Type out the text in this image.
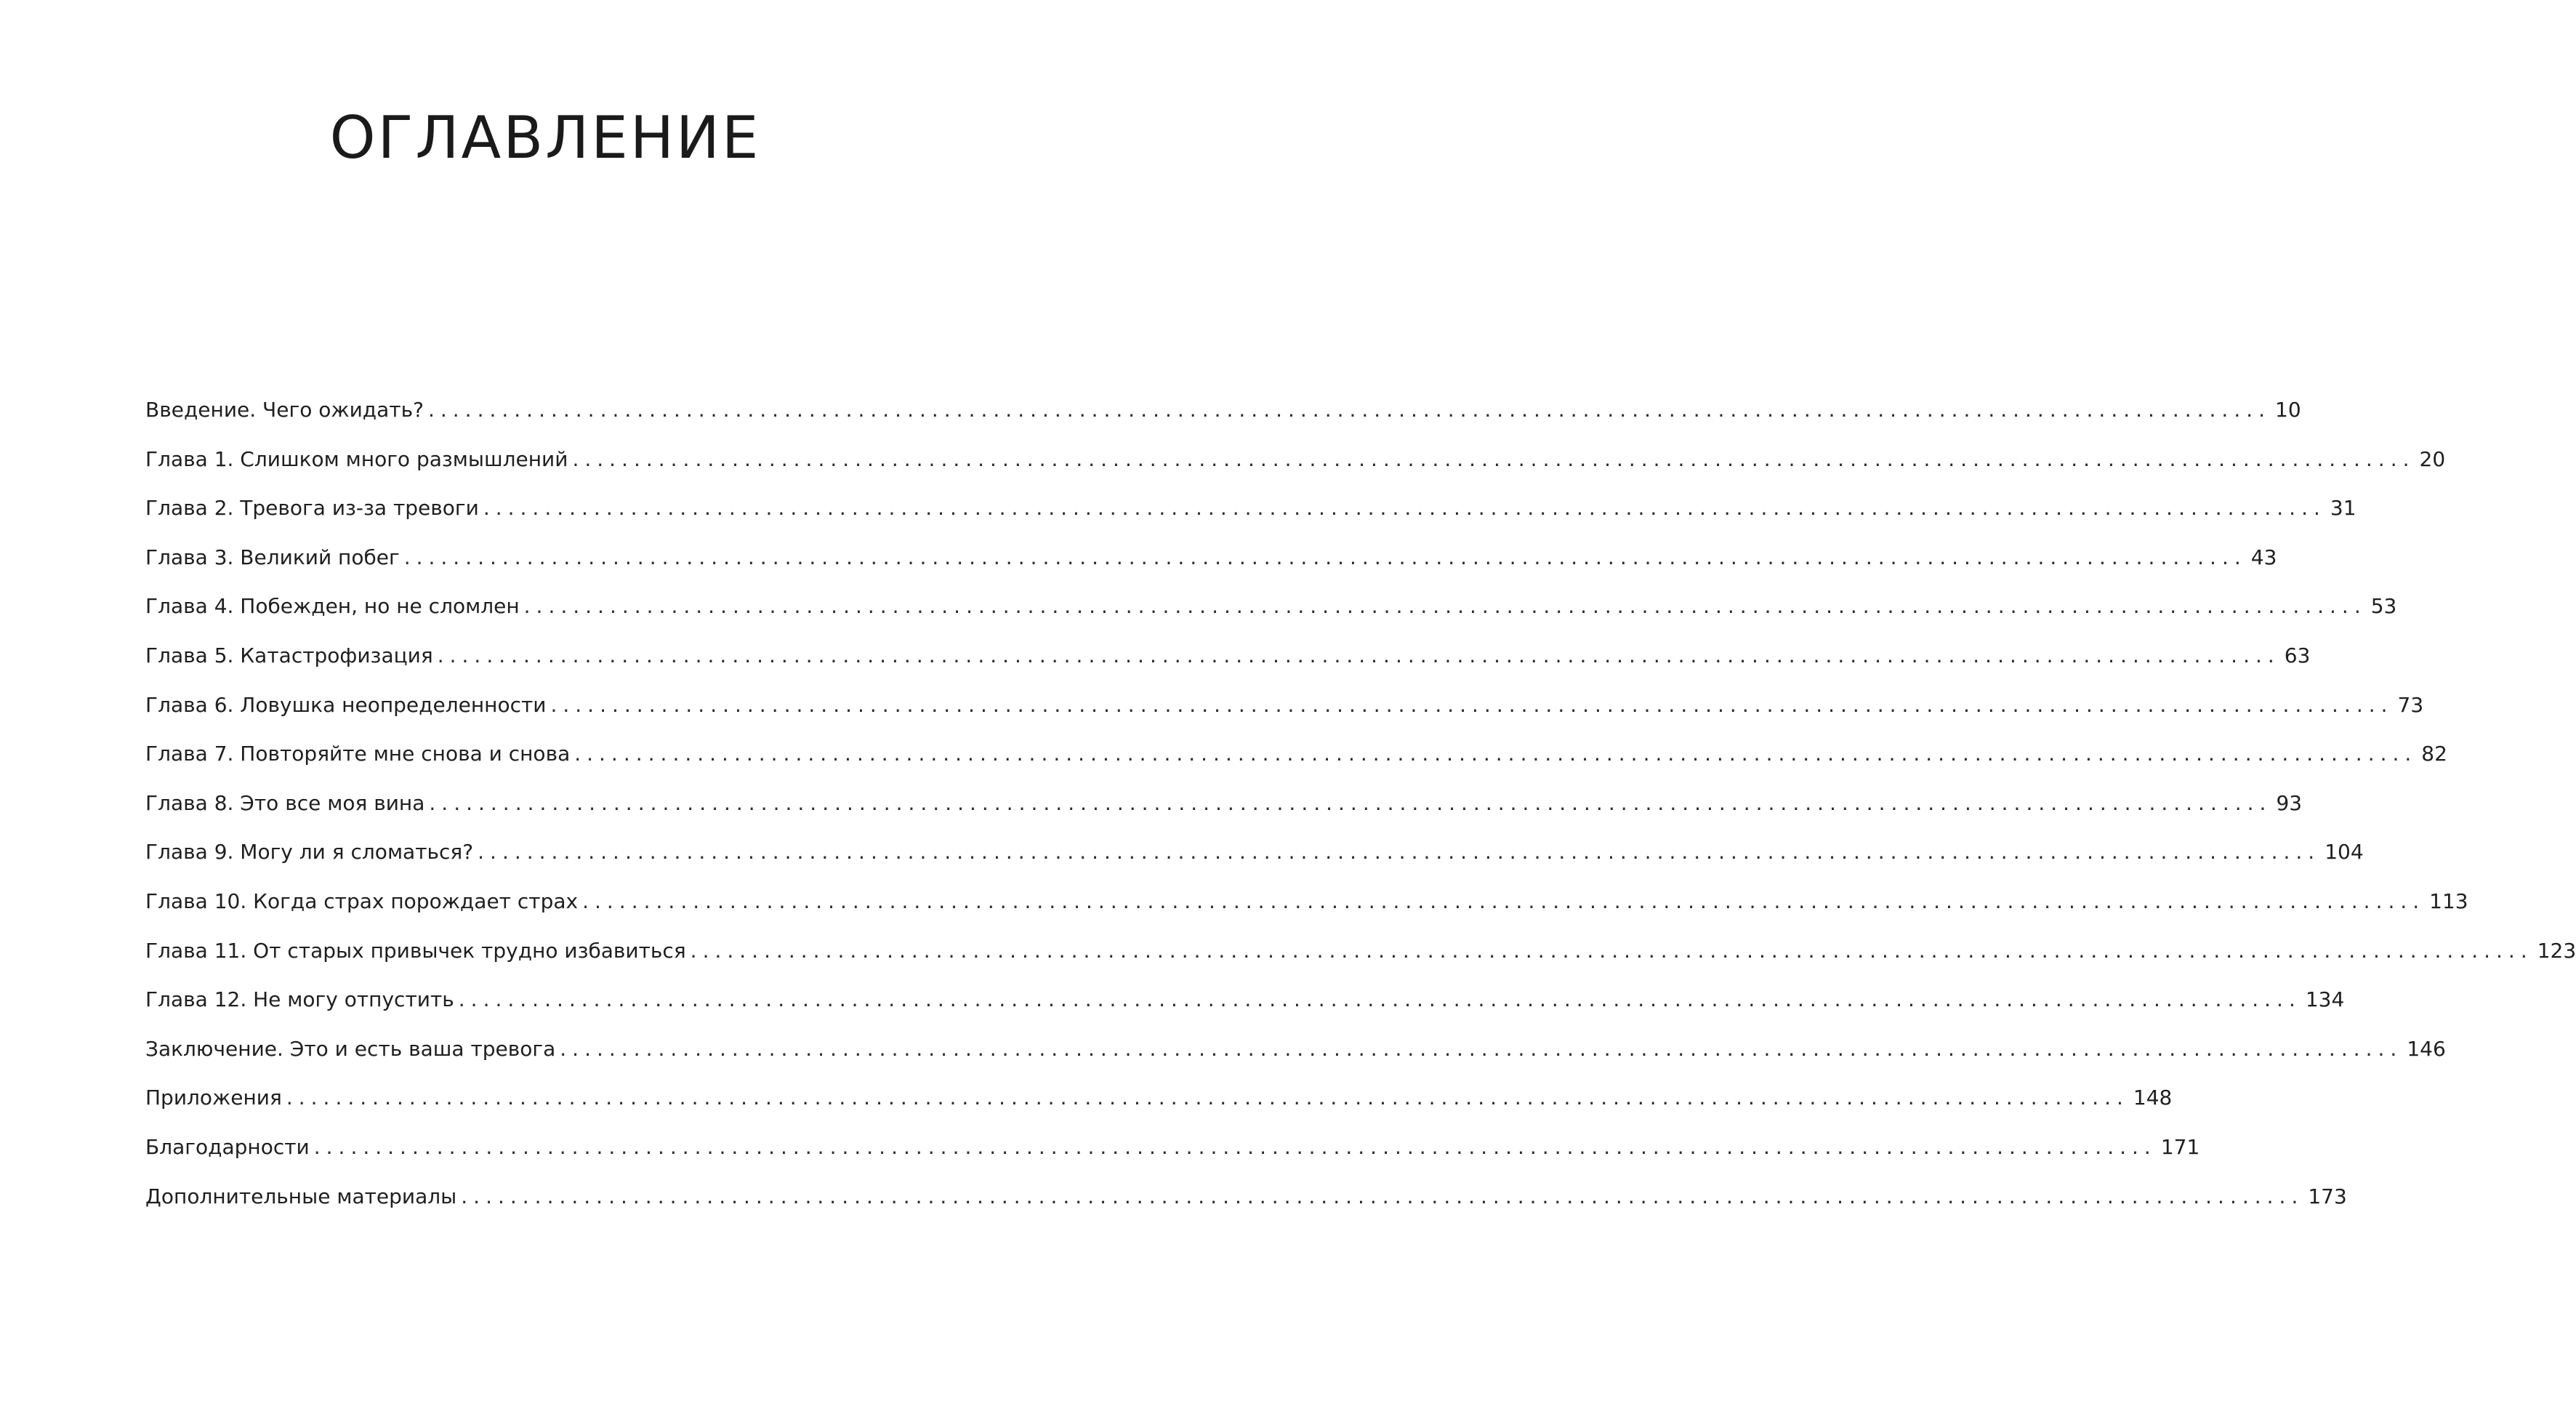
ОГЛАВЛЕНИЕ
Введение. Чего ожидать? ...................................................................................................................................................... 10
Глава 1. Слишком много размышлений ...................................................................................................................................................... 20
Глава 2. Тревога из-за тревоги ...................................................................................................................................................... 31
Глава 3. Великий побег ...................................................................................................................................................... 43
Глава 4. Побежден, но не сломлен ...................................................................................................................................................... 53
Глава 5. Катастрофизация ...................................................................................................................................................... 63
Глава 6. Ловушка неопределенности ...................................................................................................................................................... 73
Глава 7. Повторяйте мне снова и снова ...................................................................................................................................................... 82
Глава 8. Это все моя вина ...................................................................................................................................................... 93
Глава 9. Могу ли я сломаться? ...................................................................................................................................................... 104
Глава 10. Когда страх порождает страх ...................................................................................................................................................... 113
Глава 11. От старых привычек трудно избавиться ...................................................................................................................................................... 123
Глава 12. Не могу отпустить ...................................................................................................................................................... 134
Заключение. Это и есть ваша тревога ...................................................................................................................................................... 146
Приложения ...................................................................................................................................................... 148
Благодарности ...................................................................................................................................................... 171
Дополнительные материалы ...................................................................................................................................................... 173
